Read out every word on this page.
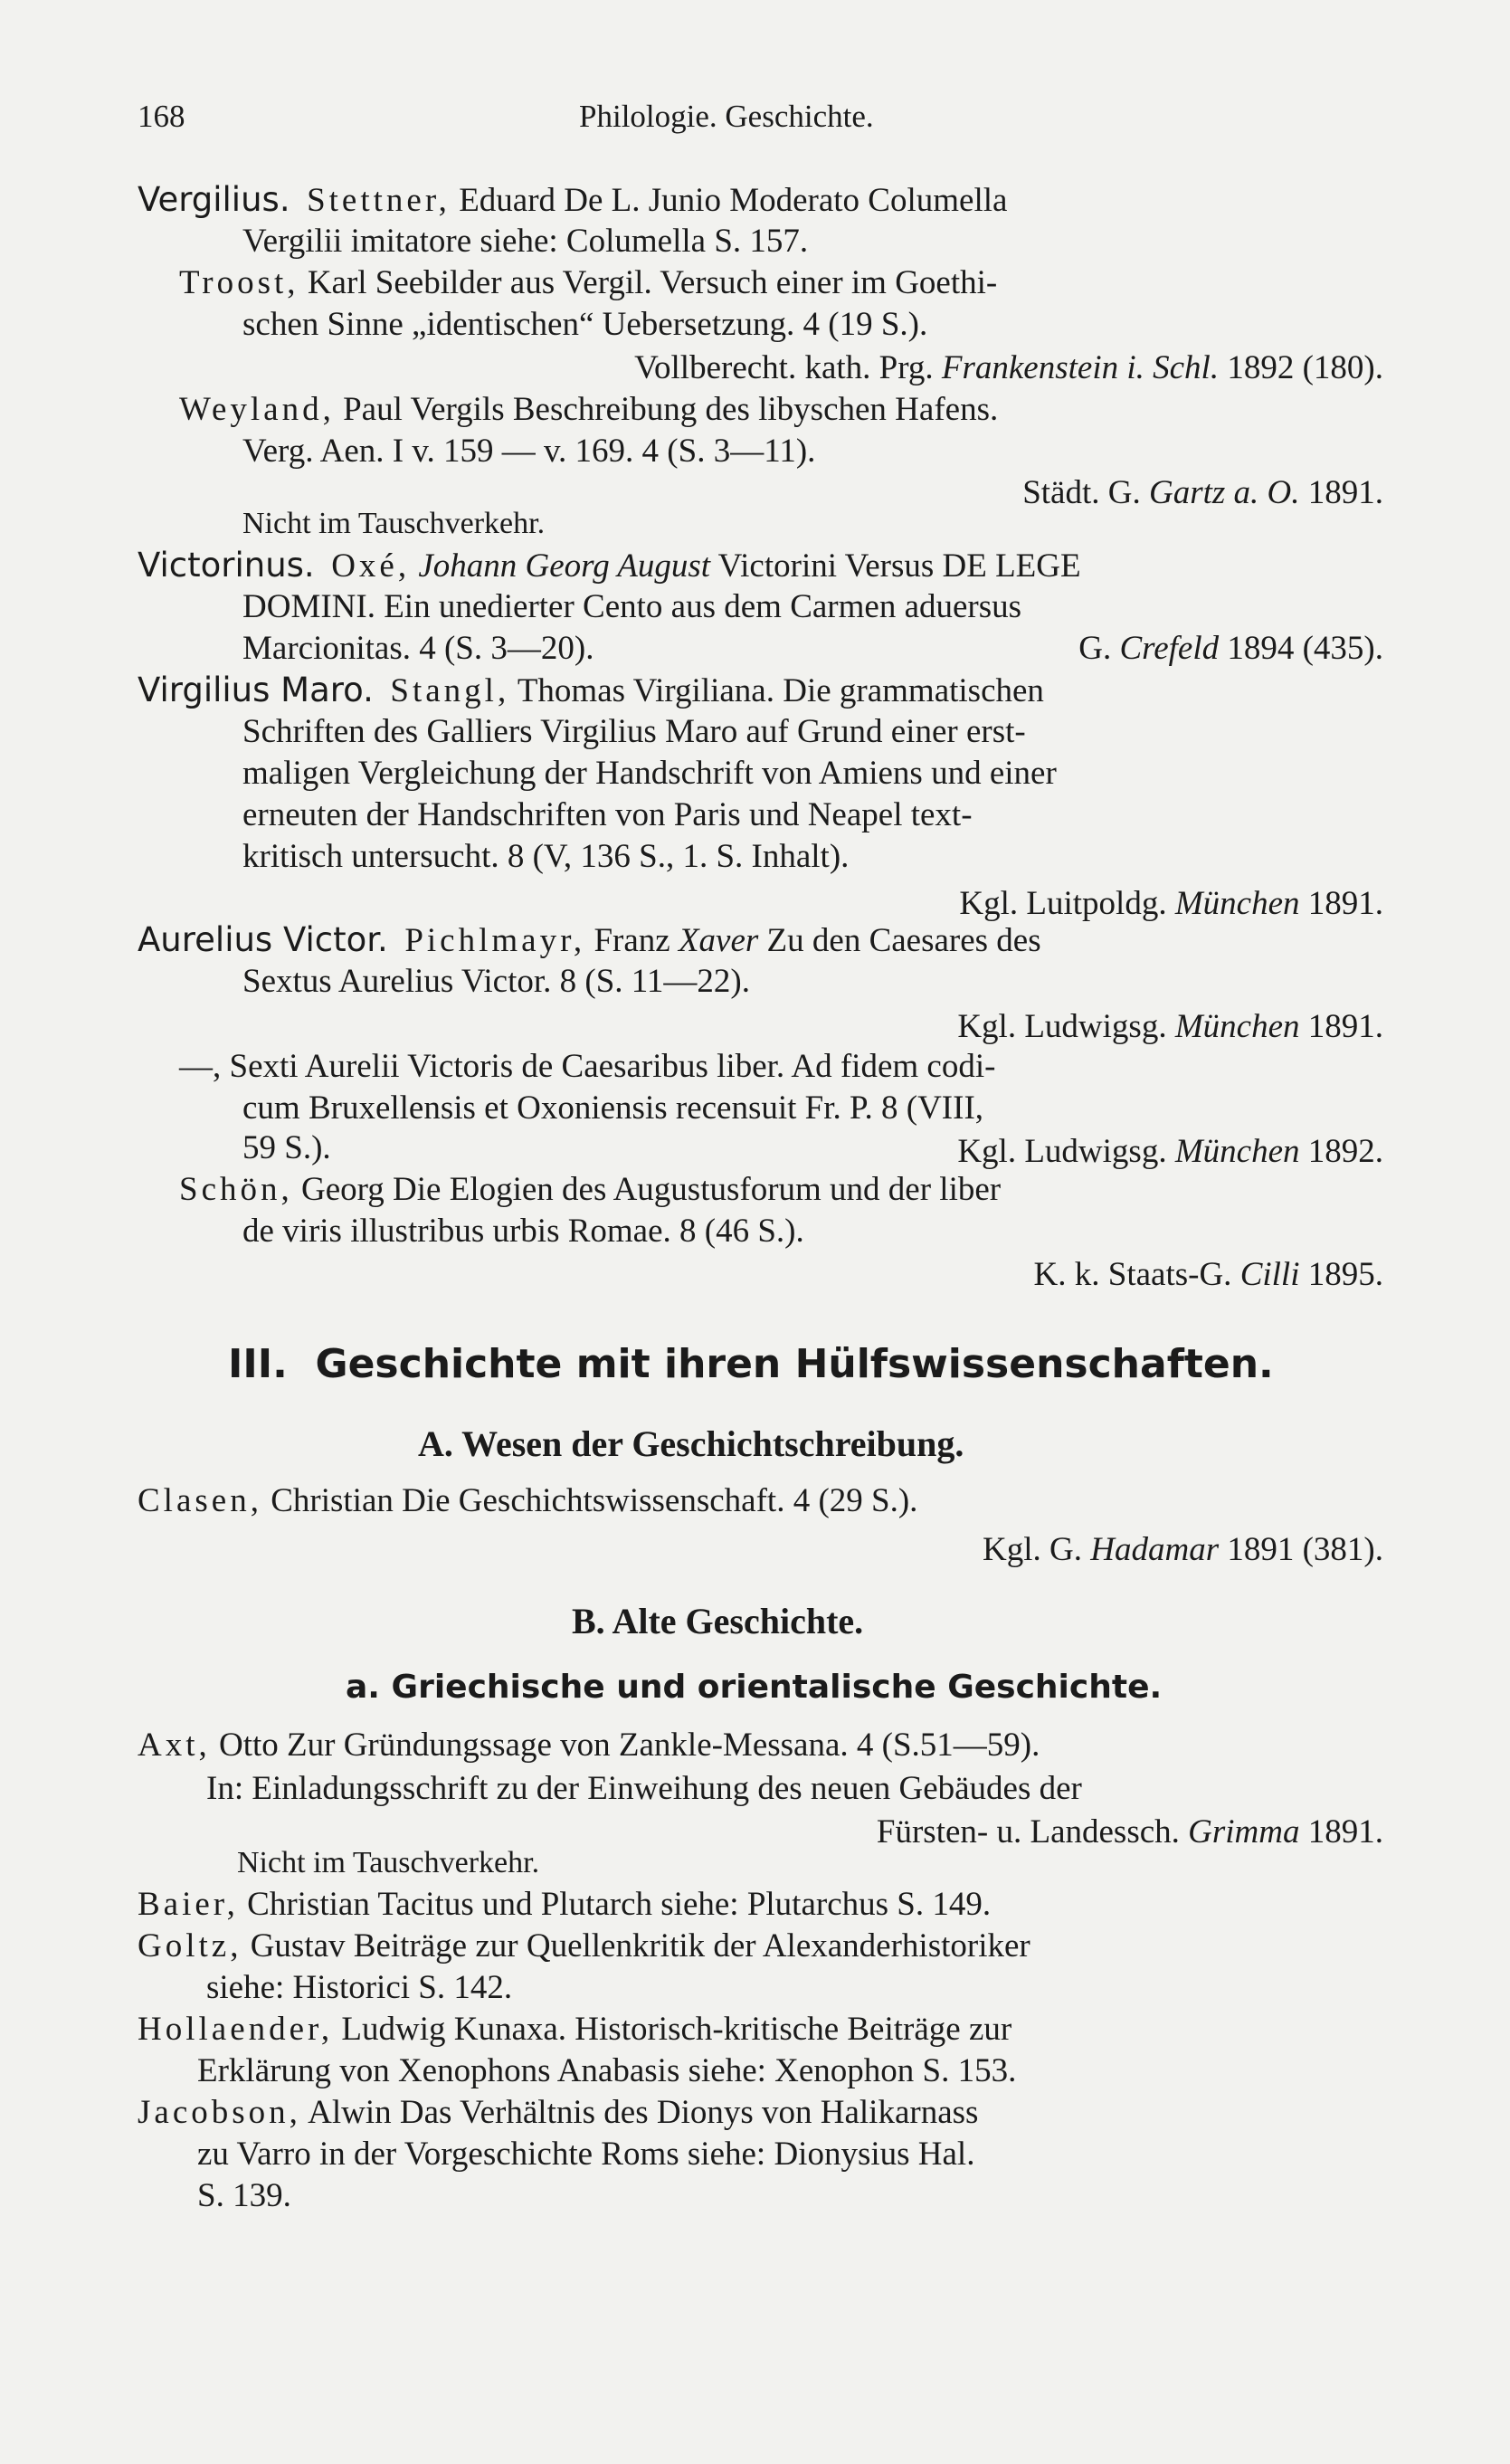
168	Philologie. Geschichte.
Vergilius. Stettner, Eduard De L. Junio Moderato Columella
Vergilii imitatore siehe: Columella S. 157.
Troost, Karl Seebilder aus Vergil. Versuch einer im Goethi-
schen Sinne „identischen“ Uebersetzung. 4 (19 S.).
Vollberecht. kath. Prg. Frankenstein i. Schl. 1892 (180).
Weyland, Paul Vergils Beschreibung des libyschen Hafens.
Verg. Aen. I v. 159 — v. 169. 4 (S. 3—11).
Städt. G. Gartz a. O. 1891.
Nicht im Tauschverkehr.
Victorinus. Oxé, Johann Georg August Victorini Versus DE LEGE
DOMINI. Ein unedierter Cento aus dem Carmen aduersus
Marcionitas. 4 (S. 3—20).	G. Crefeld 1894 (435).
Virgilius Maro. Stangl, Thomas Virgiliana. Die grammatischen
Schriften des Galliers Virgilius Maro auf Grund einer erst-
maligen Vergleichung der Handschrift von Amiens und einer
erneuten der Handschriften von Paris und Neapel text-
kritisch untersucht. 8 (V, 136 S., 1. S. Inhalt).
Kgl. Luitpoldg. München 1891.
Aurelius Victor. Pichlmayr, Franz Xaver Zu den Caesares des
Sextus Aurelius Victor. 8 (S. 11—22).
Kgl. Ludwigsg. München 1891.
—, Sexti Aurelii Victoris de Caesaribus liber. Ad fidem codi-
cum Bruxellensis et Oxoniensis recensuit Fr. P. 8 (VIII,
59 S.).	Kgl. Ludwigsg. München 1892.
Schön, Georg Die Elogien des Augustusforum und der liber
de viris illustribus urbis Romae. 8 (46 S.).
K. k. Staats-G. Cilli 1895.
III. Geschichte mit ihren Hülfswissenschaften.
A. Wesen der Geschichtschreibung.
Clasen, Christian Die Geschichtswissenschaft. 4 (29 S.).
Kgl. G. Hadamar 1891 (381).
B. Alte Geschichte.
a. Griechische und orientalische Geschichte.
Axt, Otto Zur Gründungssage von Zankle-Messana. 4 (S.51—59).
In: Einladungsschrift zu der Einweihung des neuen Gebäudes der
Fürsten- u. Landessch. Grimma 1891.
Nicht im Tauschverkehr.
Baier, Christian Tacitus und Plutarch siehe: Plutarchus S. 149.
Goltz, Gustav Beiträge zur Quellenkritik der Alexanderhistoriker
siehe: Historici S. 142.
Hollaender, Ludwig Kunaxa. Historisch-kritische Beiträge zur
Erklärung von Xenophons Anabasis siehe: Xenophon S. 153.
Jacobson, Alwin Das Verhältnis des Dionys von Halikarnass
zu Varro in der Vorgeschichte Roms siehe: Dionysius Hal.
S. 139.
